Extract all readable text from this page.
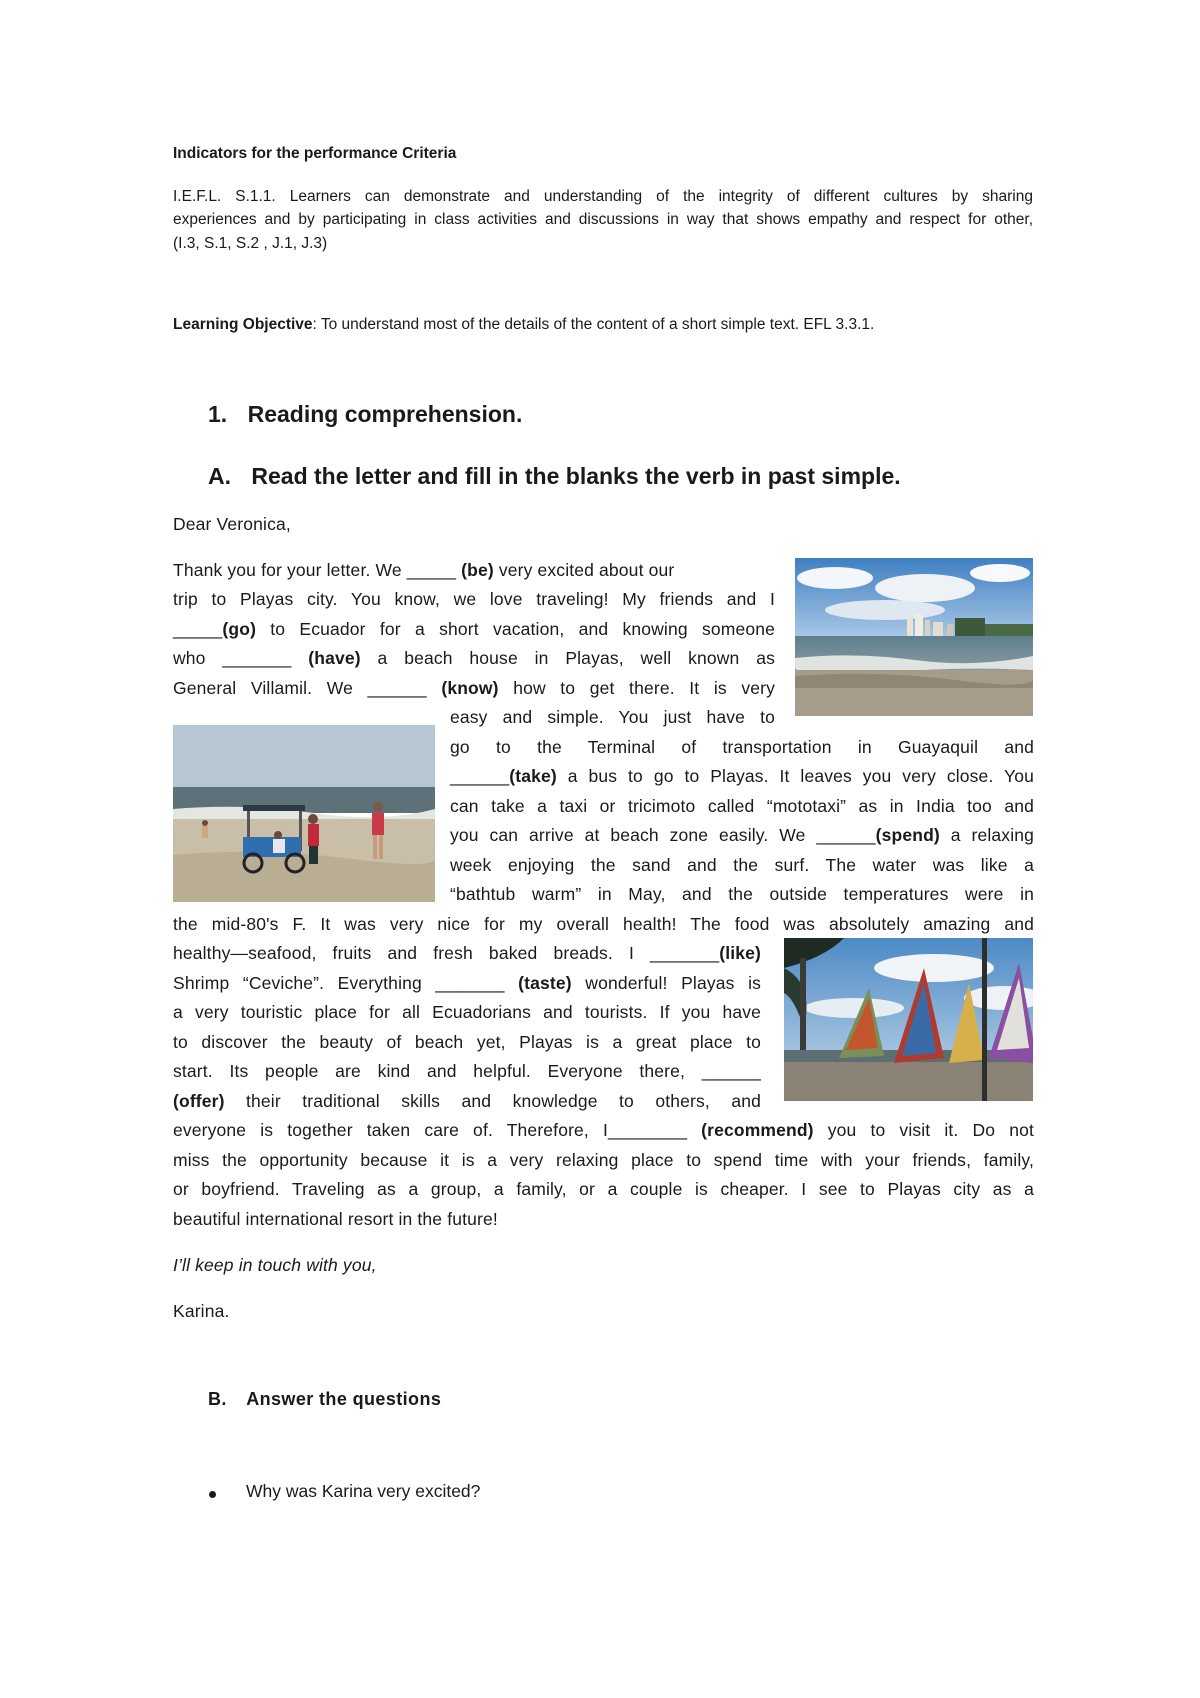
Indicators for the performance Criteria
I.E.F.L. S.1.1. Learners can demonstrate and understanding of the integrity of different cultures by sharing
experiences and by participating in class activities and discussions in way that shows empathy and respect for other,
(I.3, S.1, S.2 , J.1, J.3)
Learning Objective: To understand most of the details of the content of a short simple text. EFL 3.3.1.
1. Reading comprehension.
A. Read the letter and fill in the blanks the verb in past simple.
Dear Veronica,
Thank you for your letter. We _____ (be) very excited about our
trip to Playas city. You know, we love traveling! My friends and I
_____(go) to Ecuador for a short vacation, and knowing someone
who _______ (have) a beach house in Playas, well known as
General Villamil. We ______ (know) how to get there. It is very
easy and simple. You just have to
go to the Terminal of transportation in Guayaquil and
______(take) a bus to go to Playas. It leaves you very close. You
can take a taxi or tricimoto called “mototaxi” as in India too and
you can arrive at beach zone easily. We ______(spend) a relaxing
week enjoying the sand and the surf. The water was like a
“bathtub warm” in May, and the outside temperatures were in
the mid-80's F. It was very nice for my overall health! The food was absolutely amazing and
healthy—seafood, fruits and fresh baked breads. I _______(like)
Shrimp “Ceviche”. Everything _______ (taste) wonderful! Playas is
a very touristic place for all Ecuadorians and tourists. If you have
to discover the beauty of beach yet, Playas is a great place to
start. Its people are kind and helpful. Everyone there, ______
(offer) their traditional skills and knowledge to others, and
everyone is together taken care of. Therefore, I________ (recommend) you to visit it. Do not
miss the opportunity because it is a very relaxing place to spend time with your friends, family,
or boyfriend. Traveling as a group, a family, or a couple is cheaper. I see to Playas city as a
beautiful international resort in the future!
I’ll keep in touch with you,
Karina.
B. Answer the questions
Why was Karina very excited?
